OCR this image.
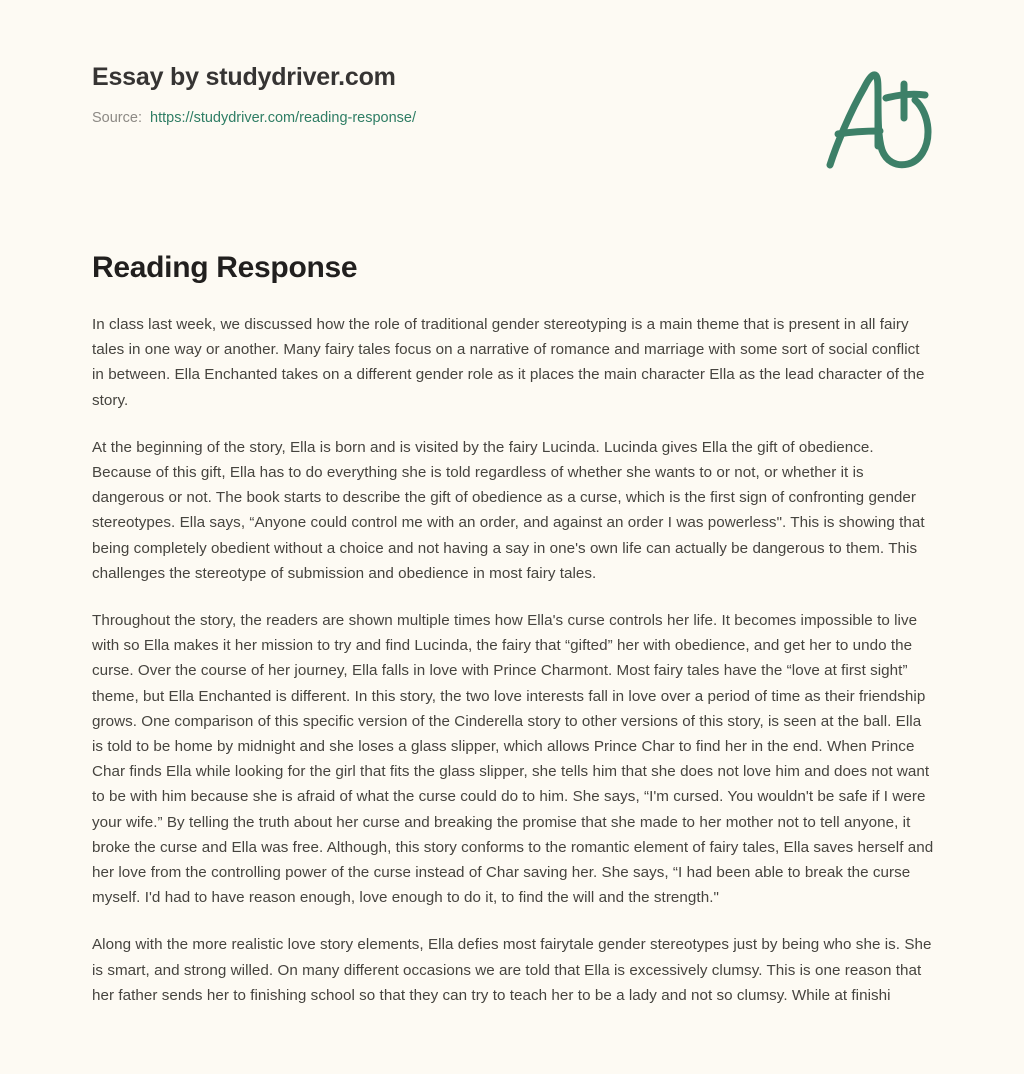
Essay by studydriver.com
Source: https://studydriver.com/reading-response/
Reading Response

In class last week, we discussed how the role of traditional gender stereotyping is a main theme that is present in all fairy tales in one way or another. Many fairy tales focus on a narrative of romance and marriage with some sort of social conflict in between. Ella Enchanted takes on a different gender role as it places the main character Ella as the lead character of the story.

At the beginning of the story, Ella is born and is visited by the fairy Lucinda. Lucinda gives Ella the gift of obedience. Because of this gift, Ella has to do everything she is told regardless of whether she wants to or not, or whether it is dangerous or not. The book starts to describe the gift of obedience as a curse, which is the first sign of confronting gender stereotypes. Ella says, “Anyone could control me with an order, and against an order I was powerless". This is showing that being completely obedient without a choice and not having a say in one's own life can actually be dangerous to them. This challenges the stereotype of submission and obedience in most fairy tales.

Throughout the story, the readers are shown multiple times how Ella's curse controls her life. It becomes impossible to live with so Ella makes it her mission to try and find Lucinda, the fairy that “gifted” her with obedience, and get her to undo the curse. Over the course of her journey, Ella falls in love with Prince Charmont. Most fairy tales have the “love at first sight” theme, but Ella Enchanted is different. In this story, the two love interests fall in love over a period of time as their friendship grows. One comparison of this specific version of the Cinderella story to other versions of this story, is seen at the ball. Ella is told to be home by midnight and she loses a glass slipper, which allows Prince Char to find her in the end. When Prince Char finds Ella while looking for the girl that fits the glass slipper, she tells him that she does not love him and does not want to be with him because she is afraid of what the curse could do to him. She says, “I'm cursed. You wouldn't be safe if I were your wife.” By telling the truth about her curse and breaking the promise that she made to her mother not to tell anyone, it broke the curse and Ella was free. Although, this story conforms to the romantic element of fairy tales, Ella saves herself and her love from the controlling power of the curse instead of Char saving her. She says, “I had been able to break the curse myself. I'd had to have reason enough, love enough to do it, to find the will and the strength."

Along with the more realistic love story elements, Ella defies most fairytale gender stereotypes just by being who she is. She is smart, and strong willed. On many different occasions we are told that Ella is excessively clumsy. This is one reason that her father sends her to finishing school so that they can try to teach her to be a lady and not so clumsy. While at finishi
